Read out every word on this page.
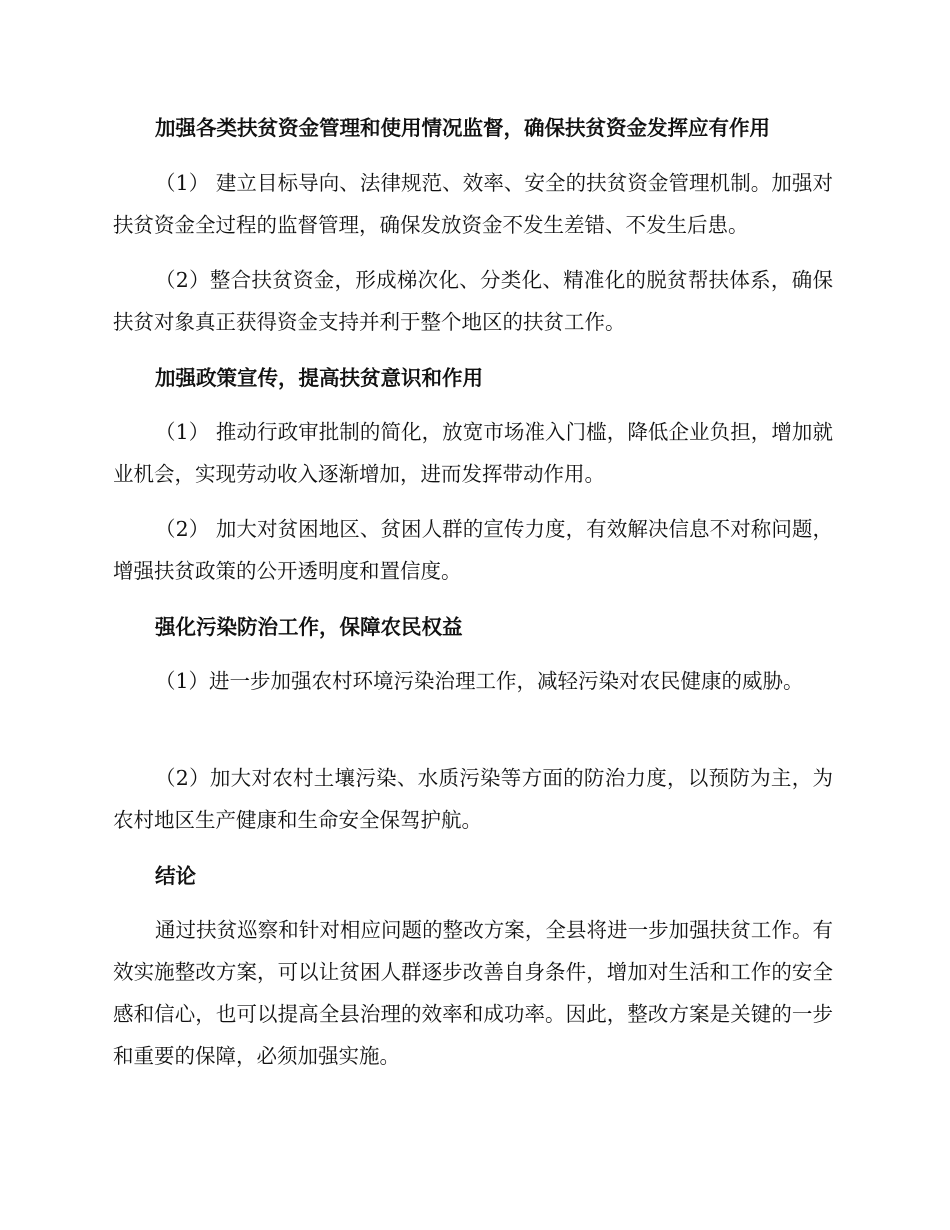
加强各类扶贫资金管理和使用情况监督，确保扶贫资金发挥应有作用

（1） 建立目标导向、法律规范、效率、安全的扶贫资金管理机制。加强对扶贫资金全过程的监督管理，确保发放资金不发生差错、不发生后患。

（2）整合扶贫资金，形成梯次化、分类化、精准化的脱贫帮扶体系，确保扶贫对象真正获得资金支持并利于整个地区的扶贫工作。

加强政策宣传，提高扶贫意识和作用

（1） 推动行政审批制的简化，放宽市场准入门槛，降低企业负担，增加就业机会，实现劳动收入逐渐增加，进而发挥带动作用。

（2） 加大对贫困地区、贫困人群的宣传力度，有效解决信息不对称问题，增强扶贫政策的公开透明度和置信度。

强化污染防治工作，保障农民权益

（1）进一步加强农村环境污染治理工作，减轻污染对农民健康的威胁。

（2）加大对农村土壤污染、水质污染等方面的防治力度，以预防为主，为农村地区生产健康和生命安全保驾护航。

结论

通过扶贫巡察和针对相应问题的整改方案，全县将进一步加强扶贫工作。有效实施整改方案，可以让贫困人群逐步改善自身条件，增加对生活和工作的安全感和信心，也可以提高全县治理的效率和成功率。因此，整改方案是关键的一步和重要的保障，必须加强实施。
